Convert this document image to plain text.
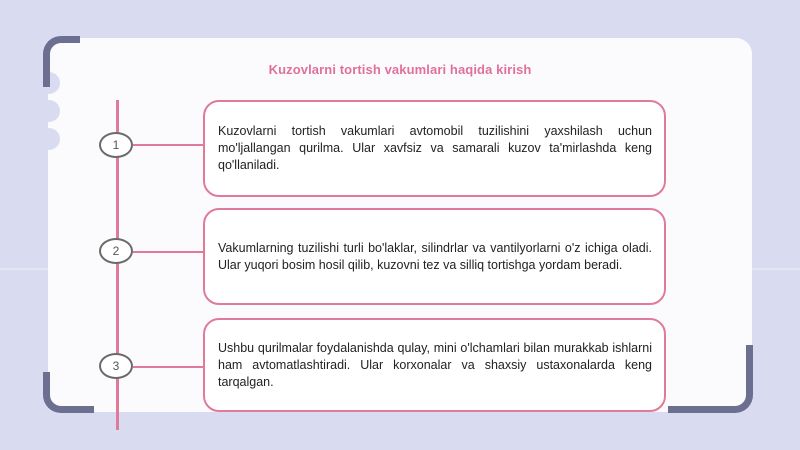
Kuzovlarni tortish vakumlari haqida kirish
1
2
3

Kuzovlarni tortish vakumlari avtomobil tuzilishini yaxshilash uchun mo'ljallangan qurilma. Ular xavfsiz va samarali kuzov ta'mirlashda keng qo'llaniladi.

Vakumlarning tuzilishi turli bo'laklar, silindrlar va vantilyorlarni o'z ichiga oladi. Ular yuqori bosim hosil qilib, kuzovni tez va silliq tortishga yordam beradi.

Ushbu qurilmalar foydalanishda qulay, mini o'lchamlari bilan murakkab ishlarni ham avtomatlashtiradi. Ular korxonalar va shaxsiy ustaxonalarda keng tarqalgan.
